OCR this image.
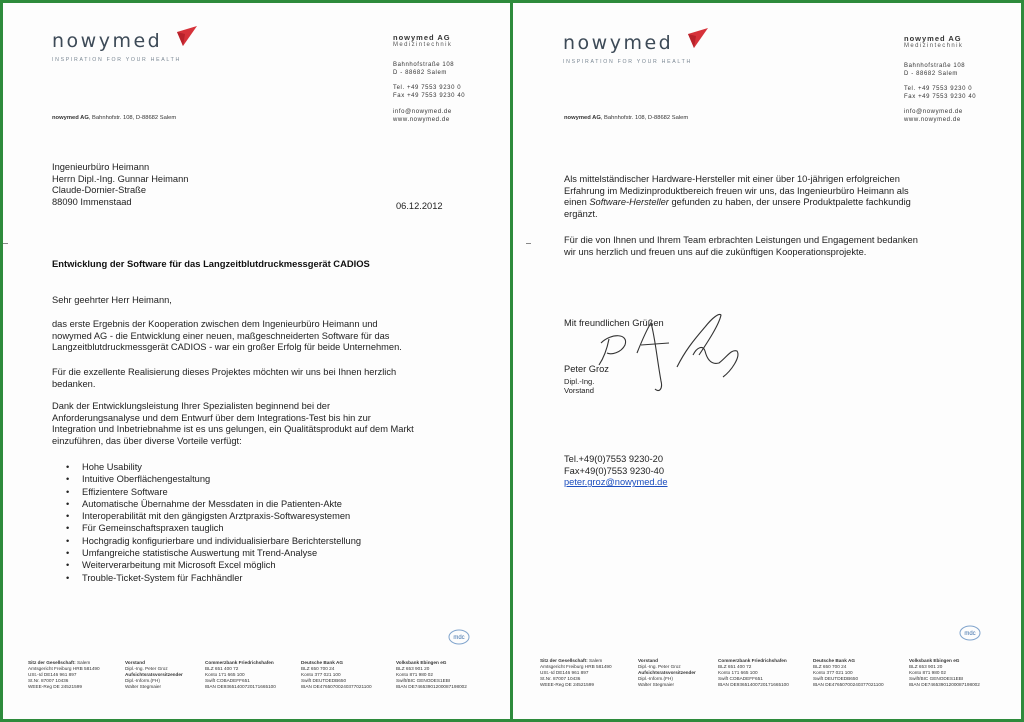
nowymed
INSPIRATION FOR YOUR HEALTH
nowymed AG
Medizintechnik
Bahnhofstraße 108
D - 88682 Salem
Tel. +49 7553 9230 0
Fax +49 7553 9230 40
info@nowymed.de
www.nowymed.de
nowymed AG, Bahnhofstr. 108, D-88682 Salem
Ingenieurbüro Heimann
Herrn Dipl.-Ing. Gunnar Heimann
Claude-Dornier-Straße
88090 Immenstaad	06.12.2012
Entwicklung der Software für das Langzeitblutdruckmessgerät CADIOS
Sehr geehrter Herr Heimann,
das erste Ergebnis der Kooperation zwischen dem Ingenieurbüro Heimann und
nowymed AG - die Entwicklung einer neuen, maßgeschneiderten Software für das
Langzeitblutdruckmessgerät CADIOS - war ein großer Erfolg für beide Unternehmen.
Für die exzellente Realisierung dieses Projektes möchten wir uns bei Ihnen herzlich
bedanken.
Dank der Entwicklungsleistung Ihrer Spezialisten beginnend bei der
Anforderungsanalyse und dem Entwurf über dem Integrations-Test bis hin zur
Integration und Inbetriebnahme ist es uns gelungen, ein Qualitätsprodukt auf dem Markt
einzuführen, das über diverse Vorteile verfügt:
• Hohe Usability
• Intuitive Oberflächengestaltung
• Effizientere Software
• Automatische Übernahme der Messdaten in die Patienten-Akte
• Interoperabilität mit den gängigsten Arztpraxis-Softwaresystemen
• Für Gemeinschaftspraxen tauglich
• Hochgradig konfigurierbare und individualisierbare Berichterstellung
• Umfangreiche statistische Auswertung mit Trend-Analyse
• Weiterverarbeitung mit Microsoft Excel möglich
• Trouble-Ticket-System für Fachhändler
mdc
Sitz der Gesellschaft: Salem
Amtsgericht Freiburg HRB 581490
USt.-Id DE146 961 897
St.Nr. 87007 10436
WEEE-Reg DE 24521599
Vorstand
Dipl.-Ing. Peter Groz
Aufsichtsratsvorsitzender
Dipl.-Inform.(FH)
Walter Stegmaier
Commerzbank Friedrichshafen
BLZ 651 400 72
Konto 171 665 100
Swift COBADEFF651
IBAN DE93651400720171665100
Deutsche Bank AG
BLZ 650 700 24
Konto 377 021 100
Swift DEUTDEDB650
IBAN DE47650700240377021100
Volksbank Ebingen eG
BLZ 653 901 20
Konto 871 980 02
Swift/BIC GENODES1EBI
IBAN DE74653901200087198002
nowymed
INSPIRATION FOR YOUR HEALTH
nowymed AG
Medizintechnik
Bahnhofstraße 108
D - 88682 Salem
Tel. +49 7553 9230 0
Fax +49 7553 9230 40
info@nowymed.de
www.nowymed.de
nowymed AG, Bahnhofstr. 108, D-88682 Salem
Als mittelständischer Hardware-Hersteller mit einer über 10-jährigen erfolgreichen
Erfahrung im Medizinproduktbereich freuen wir uns, das Ingenieurbüro Heimann als
einen Software-Hersteller gefunden zu haben, der unsere Produktpalette fachkundig
ergänzt.
Für die von Ihnen und Ihrem Team erbrachten Leistungen und Engagement bedanken
wir uns herzlich und freuen uns auf die zukünftigen Kooperationsprojekte.
Mit freundlichen Grüßen
Peter Groz
Dipl.-Ing.
Vorstand
Tel.+49(0)7553 9230-20
Fax+49(0)7553 9230-40
peter.groz@nowymed.de
mdc
Sitz der Gesellschaft: Salem
Amtsgericht Freiburg HRB 581490
USt.-Id DE146 961 897
St.Nr. 87007 10436
WEEE-Reg DE 24521599
Vorstand
Dipl.-Ing. Peter Groz
Aufsichtsratsvorsitzender
Dipl.-Inform.(FH)
Walter Stegmaier
Commerzbank Friedrichshafen
BLZ 651 400 72
Konto 171 665 100
Swift COBADEFF651
IBAN DE93651400720171665100
Deutsche Bank AG
BLZ 650 700 24
Konto 377 021 100
Swift DEUTDEDB650
IBAN DE47650700240377021100
Volksbank Ebingen eG
BLZ 653 901 20
Konto 871 980 02
Swift/BIC GENODES1EBI
IBAN DE74653901200087198002
